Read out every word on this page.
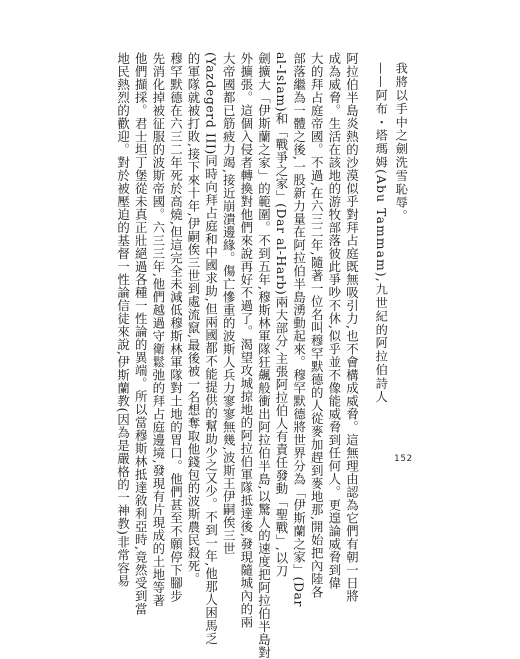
我將以手中之劍洗雪恥辱。
——阿布・塔瑪姆(Abu Tammam),九世紀的阿拉伯詩人
阿拉伯半島炎熱的沙漠似乎對拜占庭既無吸引力,也不會構成威脅。這無理由認為它們有朝一日將
成為威脅。生活在該地的游牧部落彼此爭吵不休,似乎並不像能威脅到任何人。更遑論威脅到偉
大的拜占庭帝國。不過,在六三二年,隨著一位名叫穆罕默德的人從麥加趕到麥地那,開始把內陸各
部落繼為一體之後,一股新力量在阿拉伯半島湧動起來。穆罕默德將世界分為「伊斯蘭之家」(Dar
al-Islam)和「戰爭之家」(Dar al-Harb)兩大部分,主張阿拉伯人有責任發動「聖戰」,以刀
劍擴大「伊斯蘭之家」的範圍。不到五年,穆斯林軍隊狂飆般衝出阿拉伯半島,以驚人的速度把阿拉伯半島對
外擴張。這個入侵者轉換對他們來說再好不過了。渴望攻城掠地的阿拉伯軍隊抵達後,發現隨城內的兩
大帝國都已筋疲力竭,接近崩潰邊緣。傷亡慘重的波斯人兵力寥寥無幾,波斯王伊嗣俟三世
(Yazdegerd III)同時向拜占庭和中國求助,但兩國都不能提供的幫助少之又少。不到一年,他那人困馬乏
的軍隊就被打敗,接下來十年,伊嗣俟三世到處流竄,最後被一名想奪取他錢包的波斯農民殺死。
穆罕默德在六三二年死於高燒,但這完全未減低穆斯林軍隊對土地的胃口。他們甚至不願停下腳步
先消化掉被征服的波斯帝國。六三三年,他們越過守衛鬆弛的拜占庭邊境,發現有片現成的土地等著
他們擷採。君士坦丁堡從未真正壯絕過各種一性論的異端。所以當穆斯林抵達敘利亞時,竟然受到當
地民熱烈的歡迎。對於被壓迫的基督一性論信徒來說,伊斯蘭教(因為是嚴格的一神教)非常容易	152
